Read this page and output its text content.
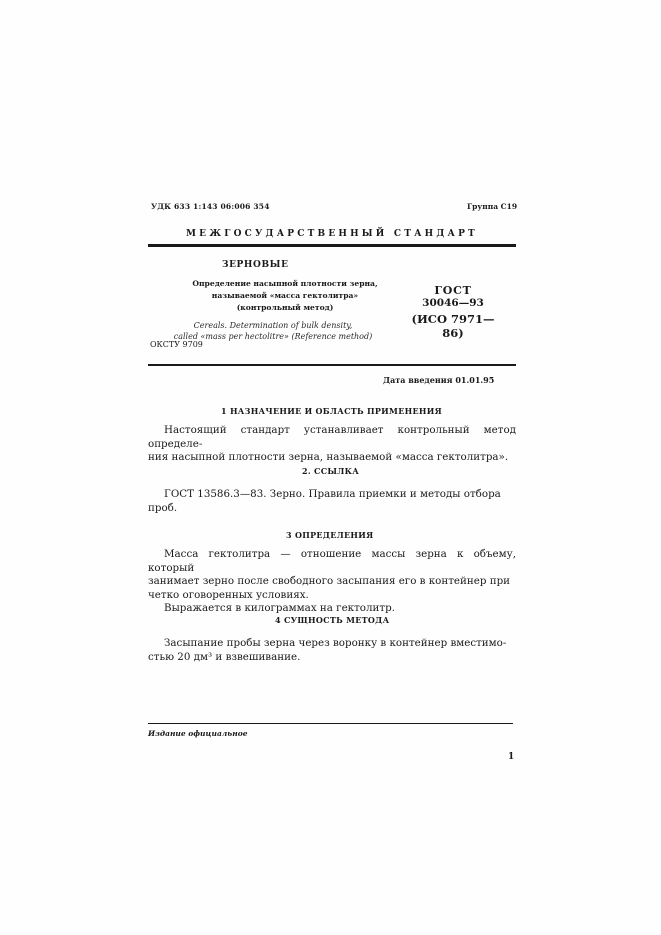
УДК 633 1:143 06:006 354	Группа С19
МЕЖГОСУДАРСТВЕННЫЙ СТАНДАРТ
ЗЕРНОВЫЕ
Определение насыпной плотности зерна,
называемой «масса гектолитра»
(контрольный метод)
Cereals. Determination of bulk density,
called «mass per hectolitre» (Reference method)
ОКСТУ 9709
ГОСТ
30046—93
(ИСО 7971—86)
Дата введения 01.01.95
1 НАЗНАЧЕНИЕ И ОБЛАСТЬ ПРИМЕНЕНИЯ
Настоящий стандарт устанавливает контрольный метод определе-
ния насыпной плотности зерна, называемой «масса гектолитра».
2. ССЫЛКА
ГОСТ 13586.3—83. Зерно. Правила приемки и методы отбора
проб.
3 ОПРЕДЕЛЕНИЯ
Масса гектолитра — отношение массы зерна к объему, который
занимает зерно после свободного засыпания его в контейнер при
четко оговоренных условиях.
Выражается в килограммах на гектолитр.
4 СУЩНОСТЬ МЕТОДА
Засыпание пробы зерна через воронку в контейнер вместимо-
стью 20 дм³ и взвешивание.
Издание официальное
1
